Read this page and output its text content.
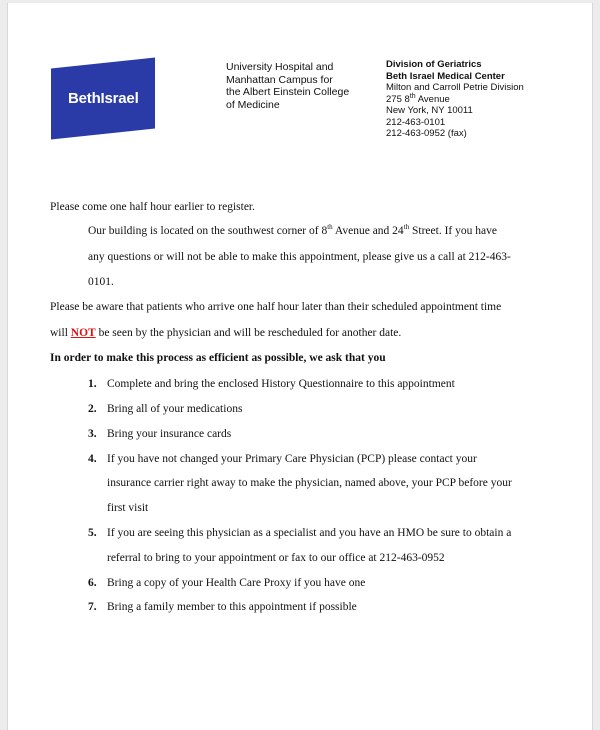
BethIsrael
University Hospital and
Manhattan Campus for
the Albert Einstein College
of Medicine
Division of Geriatrics
Beth Israel Medical Center
Milton and Carroll Petrie Division
275 8th Avenue
New York, NY 10011
212-463-0101
212-463-0952 (fax)
Please come one half hour earlier to register.
Our building is located on the southwest corner of 8th Avenue and 24th Street. If you have
any questions or will not be able to make this appointment, please give us a call at 212-463-
0101.
Please be aware that patients who arrive one half hour later than their scheduled appointment time
will NOT be seen by the physician and will be rescheduled for another date.
In order to make this process as efficient as possible, we ask that you
1. Complete and bring the enclosed History Questionnaire to this appointment
2. Bring all of your medications
3. Bring your insurance cards
4. If you have not changed your Primary Care Physician (PCP) please contact your
insurance carrier right away to make the physician, named above, your PCP before your
first visit
5. If you are seeing this physician as a specialist and you have an HMO be sure to obtain a
referral to bring to your appointment or fax to our office at 212-463-0952
6. Bring a copy of your Health Care Proxy if you have one
7. Bring a family member to this appointment if possible
